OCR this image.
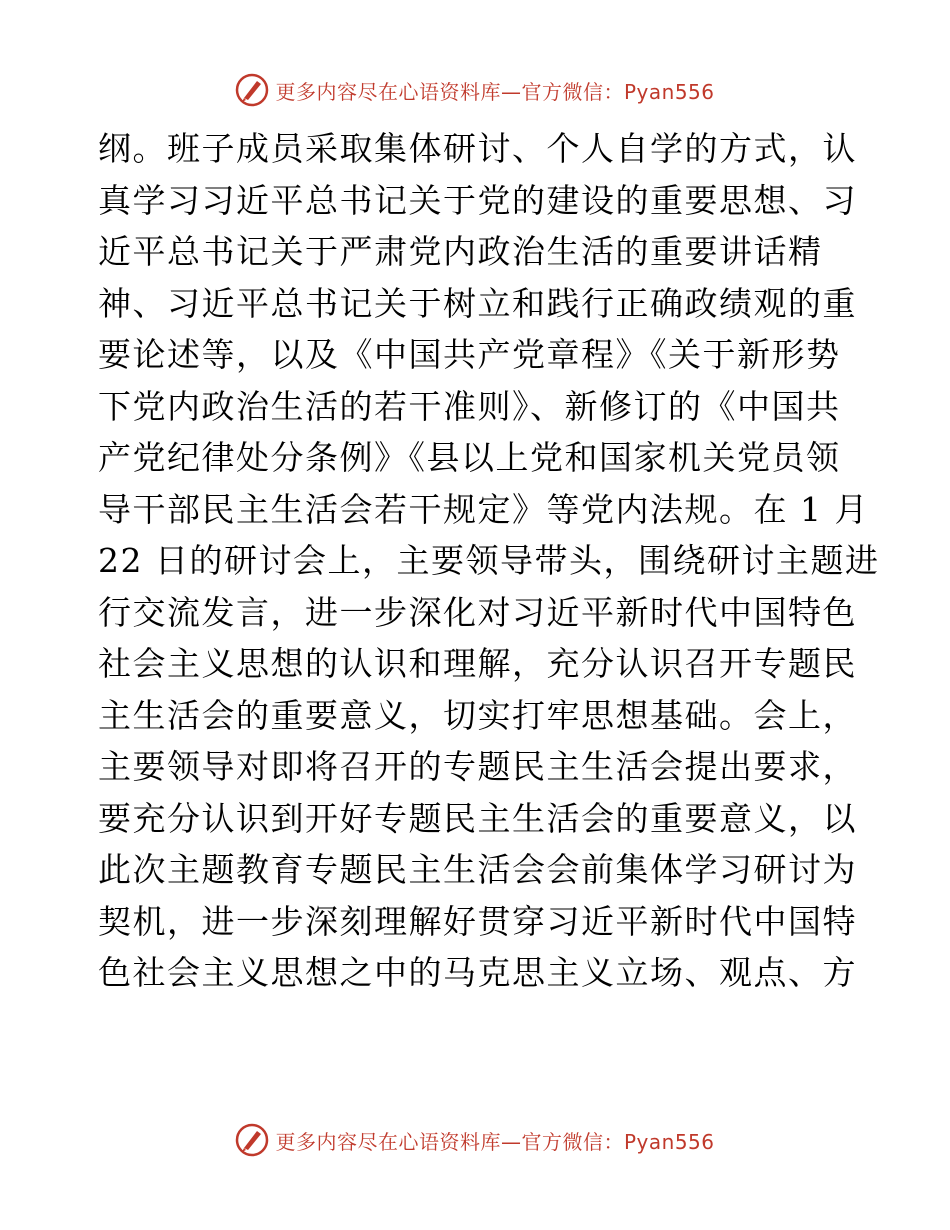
更多内容尽在心语资料库—官方微信：Pyan556
纲。班子成员采取集体研讨、个人自学的方式，认
真学习习近平总书记关于党的建设的重要思想、习
近平总书记关于严肃党内政治生活的重要讲话精
神、习近平总书记关于树立和践行正确政绩观的重
要论述等，以及《中国共产党章程》《关于新形势
下党内政治生活的若干准则》、新修订的《中国共
产党纪律处分条例》《县以上党和国家机关党员领
导干部民主生活会若干规定》等党内法规。在 1 月
22 日的研讨会上，主要领导带头，围绕研讨主题进
行交流发言，进一步深化对习近平新时代中国特色
社会主义思想的认识和理解，充分认识召开专题民
主生活会的重要意义，切实打牢思想基础。会上，
主要领导对即将召开的专题民主生活会提出要求，
要充分认识到开好专题民主生活会的重要意义，以
此次主题教育专题民主生活会会前集体学习研讨为
契机，进一步深刻理解好贯穿习近平新时代中国特
色社会主义思想之中的马克思主义立场、观点、方
更多内容尽在心语资料库—官方微信：Pyan556
